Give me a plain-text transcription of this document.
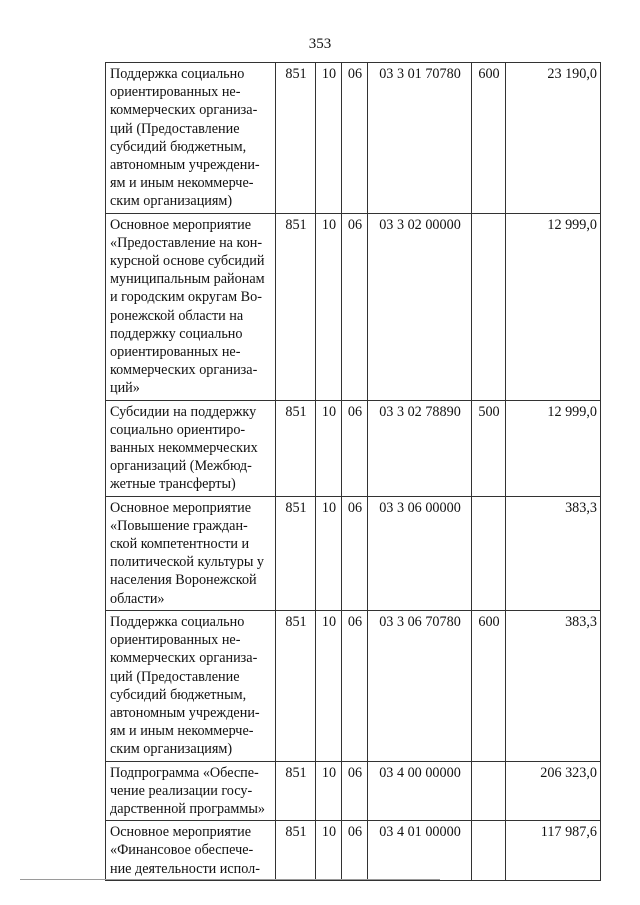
353
Поддержка социально ориентированных не-коммерческих организа-ций (Предоставление субсидий бюджетным, автономным учреждени-ям и иным некоммерче-ским организациям)	851	10	06	03 3 01 70780	600	23 190,0
Основное мероприятие «Предоставление на кон-курсной основе субсидий муниципальным районам и городским округам Во-ронежской области на поддержку социально ориентированных не-коммерческих организа-ций»	851	10	06	03 3 02 00000		12 999,0
Субсидии на поддержку социально ориентиро-ванных некоммерческих организаций (Межбюд-жетные трансферты)	851	10	06	03 3 02 78890	500	12 999,0
Основное мероприятие «Повышение граждан-ской компетентности и политической культуры у населения Воронежской области»	851	10	06	03 3 06 00000		383,3
Поддержка социально ориентированных не-коммерческих организа-ций (Предоставление субсидий бюджетным, автономным учреждени-ям и иным некоммерче-ским организациям)	851	10	06	03 3 06 70780	600	383,3
Подпрограмма «Обеспе-чение реализации госу-дарственной программы»	851	10	06	03 4 00 00000		206 323,0
Основное мероприятие «Финансовое обеспече-ние деятельности испол-	851	10	06	03 4 01 00000		117 987,6
